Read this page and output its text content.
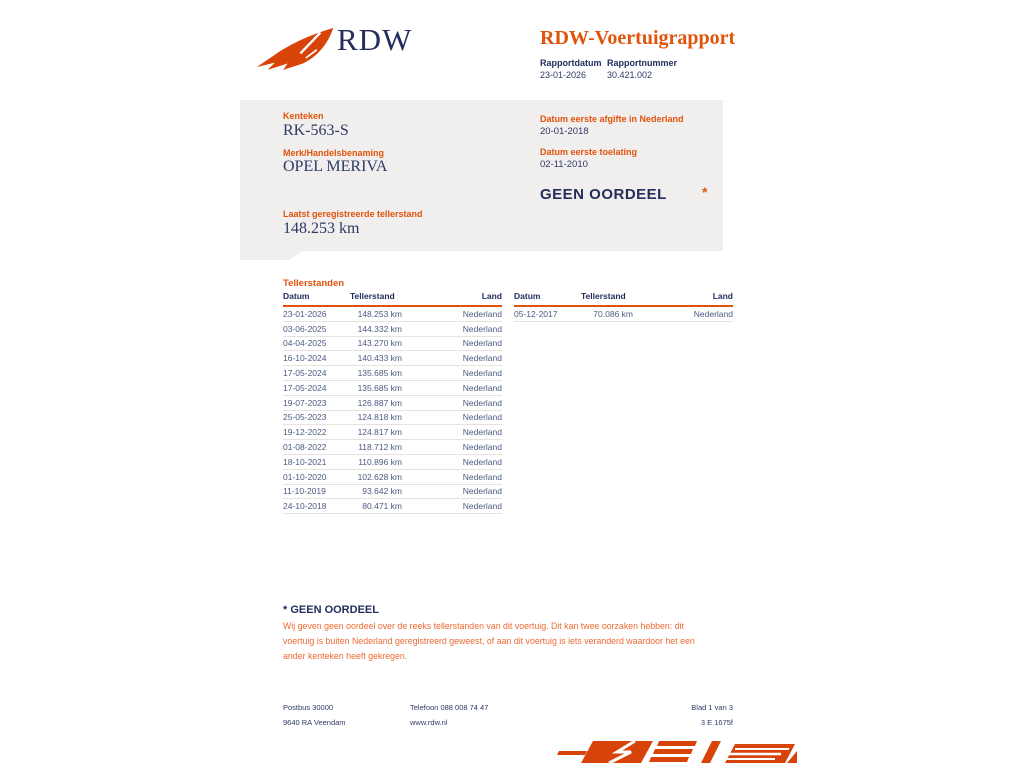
RDW	RDW-Voertuigrapport
Rapportdatum
23-01-2026
Rapportnummer
30.421.002
Kenteken
RK-563-S
Merk/Handelsbenaming
OPEL MERIVA
Laatst geregistreerde tellerstand
148.253 km
Datum eerste afgifte in Nederland
20-01-2018
Datum eerste toelating
02-11-2010
GEEN OORDEEL	*
Tellerstanden
Datum	Tellerstand	Land
23-01-2026	148.253 km	Nederland
03-06-2025	144.332 km	Nederland
04-04-2025	143.270 km	Nederland
16-10-2024	140.433 km	Nederland
17-05-2024	135.685 km	Nederland
17-05-2024	135.685 km	Nederland
19-07-2023	126.887 km	Nederland
25-05-2023	124.818 km	Nederland
19-12-2022	124.817 km	Nederland
01-08-2022	118.712 km	Nederland
18-10-2021	110.896 km	Nederland
01-10-2020	102.628 km	Nederland
11-10-2019	93.642 km	Nederland
24-10-2018	80.471 km	Nederland
Datum	Tellerstand	Land
05-12-2017	70.086 km	Nederland
* GEEN OORDEEL
Wij geven geen oordeel over de reeks tellerstanden van dit voertuig. Dit kan twee oorzaken hebben: dit voertuig is buiten Nederland geregistreerd geweest, of aan dit voertuig is iets veranderd waardoor het een ander kenteken heeft gekregen.
Postbus 30000
9640 RA Veendam
Telefoon 088 008 74 47
www.rdw.nl
Blad 1 van 3
3 E 1675f
